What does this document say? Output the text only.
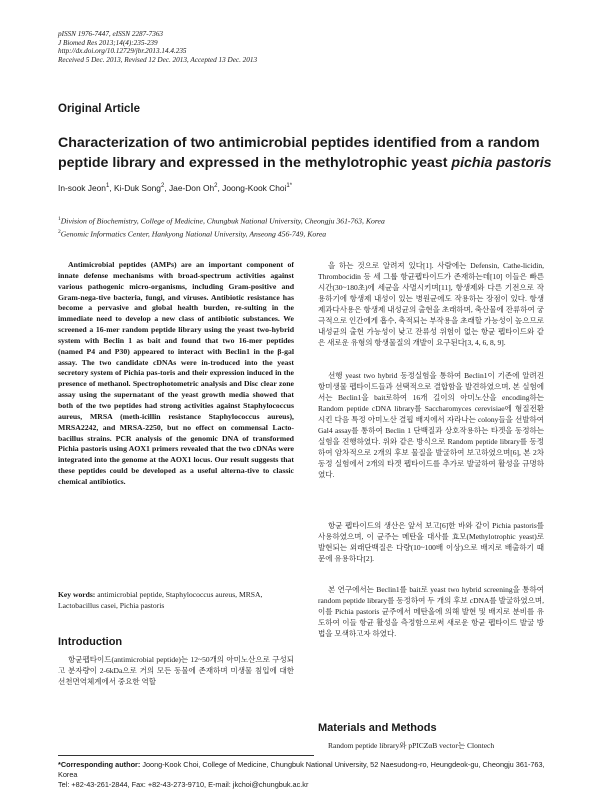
pISSN 1976-7447, eISSN 2287-7363
J Biomed Res 2013;14(4):235-239
http://dx.doi.org/10.12729/jbr.2013.14.4.235
Received 5 Dec. 2013, Revised 12 Dec. 2013, Accepted 13 Dec. 2013
Original Article
Characterization of two antimicrobial peptides identified from a random peptide library and expressed in the methylotrophic yeast pichia pastoris
In-sook Jeon$^1$, Ki-Duk Song$^2$, Jae-Don Oh$^2$, Joong-Kook Choi$^{1*}$
$^1$Division of Biochemistry, College of Medicine, Chungbuk National University, Cheongju 361-763, Korea
$^2$Genomic Informatics Center, Hankyong National University, Anseong 456-749, Korea

Antimicrobial peptides (AMPs) are an important component of innate defense mechanisms with broad-spectrum activities against various pathogenic micro-organisms, including Gram-positive and Gram-nega-tive bacteria, fungi, and viruses. Antibiotic resistance has become a pervasive and global health burden, re-sulting in the immediate need to develop a new class of antibiotic substances. We screened a 16-mer random peptide library using the yeast two-hybrid system with Beclin 1 as bait and found that two 16-mer peptides (named P4 and P30) appeared to interact with Beclin1 in the β-gal assay. The two candidate cDNAs were in-troduced into the yeast secretory system of Pichia pas-toris and their expression induced in the presence of methanol. Spectrophotometric analysis and Disc clear zone assay using the supernatant of the yeast growth media showed that both of the two peptides had strong activities against Staphylococcus aureus, MRSA (meth-icillin resistance Staphylococcus aureus), MRSA2242, and MRSA-2250, but no effect on commensal Lacto-bacillus strains. PCR analysis of the genomic DNA of transformed Pichia pastoris using AOX1 primers revealed that the two cDNAs were integrated into the genome at the AOX1 locus. Our result suggests that these peptides could be developed as a useful alterna-tive to classic chemical antibiotics.

Key words: antimicrobial peptide, Staphylococcus aureus, MRSA, Lactobacillus casei, Pichia pastoris

Introduction

항균펩타이드(antimicrobial peptide)는 12~50개의 아미노산으로 구성되고 분자량이 2-6kDa으로 거의 모든 동물에 존재하며 미생물 침입에 대한 선천면역체계에서 중요한 역할

을 하는 것으로 알려져 있다[1]. 사람에는 Defensin, Cathe-licidin, Thrombocidin 등 세 그룹 항균펩타이드가 존재하는데[10] 이들은 빠른 시간(30~180초)에 세균을 사멸시키며[11], 항생제와 다른 기전으로 작용하기에 항생제 내성이 있는 병원균에도 작용하는 장점이 있다. 항생제과다사용은 항생제 내성균의 출현을 초래하며, 축산물에 잔류하여 궁극적으로 인간에게 흡수, 축적되는 부작용을 초래할 가능성이 높으므로 내성균의 출현 가능성이 낮고 잔류성 위험이 없는 항균 펩타이드와 같은 새로운 유형의 항생물질의 개발이 요구된다[3, 4, 6, 8, 9].

선행 yeast two hybrid 동정실험을 통하여 Beclin1이 기존에 알려진 항미생물 펩타이드들과 선택적으로 결합함을 발견하였으며, 본 실험에서는 Beclin1을 bait로하여 16개 길이의 아미노산을 encoding하는 Random peptide cDNA library를 Saccharomyces cerevisiae에 형질전환 시킨 다음 특정 아미노산 결핍 배지에서 자라나는 colony들을 선발하여 Gal4 assay를 통하여 Beclin 1 단백질과 상호작용하는 타겟을 동정하는 실험을 진행하였다. 위와 같은 방식으로 Random peptide library를 동정하여 암차적으로 2개의 후보 물질을 발굴하여 보고하였으며[6], 본 2차 동정 실험에서 2개의 타겟 펩타이드를 추가로 발굴하여 활성을 규명하였다.

항균 펩타이드의 생산은 앞서 보고[6]한 바와 같이 Pichia pastoris를 사용하였으며, 이 균주는 메탄올 대사를 효모(Methylotrophic yeast)로 발현되는 외래단백질은 다량(10~100배 이상)으로 배지로 배출하기 때문에 유용하다[2].

본 연구에서는 Beclin1를 bait로 yeast two hybrid screening을 통하여 random peptide library를 동정하여 두 개의 후보 cDNA를 발굴하였으며, 이를 Pichia pastoris 균주에서 메탄올에 의해 발현 및 배지로 분비를 유도하여 이들 항균 활성을 측정함으로써 새로운 항균 펩타이드 발굴 방법을 모색하고자 하였다.

Materials and Methods

Random peptide library와 pPICZαB vector는 Clontech

*Corresponding author: Joong-Kook Choi, College of Medicine, Chungbuk National University, 52 Naesudong-ro, Heungdeok-gu, Cheongju 361-763, Korea
Tel: +82-43-261-2844, Fax: +82-43-273-9710, E-mail: jkchoi@chungbuk.ac.kr
